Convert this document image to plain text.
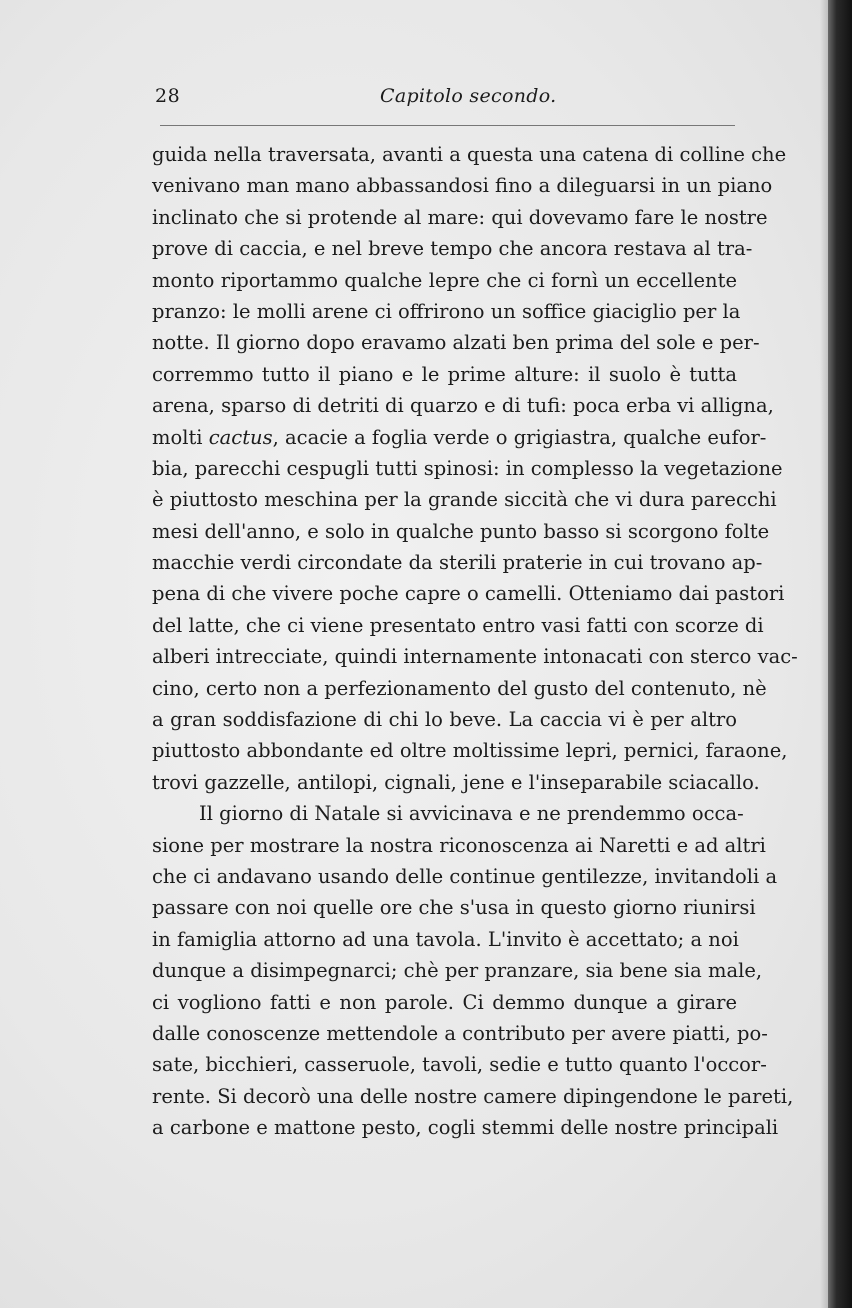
28	Capitolo secondo.
guida nella traversata, avanti a questa una catena di colline che
venivano man mano abbassandosi fino a dileguarsi in un piano
inclinato che si protende al mare: qui dovevamo fare le nostre
prove di caccia, e nel breve tempo che ancora restava al tra-
monto riportammo qualche lepre che ci fornì un eccellente
pranzo: le molli arene ci offrirono un soffice giaciglio per la
notte. Il giorno dopo eravamo alzati ben prima del sole e per-
corremmo tutto il piano e le prime alture: il suolo è tutta
arena, sparso di detriti di quarzo e di tufi: poca erba vi alligna,
molti cactus, acacie a foglia verde o grigiastra, qualche eufor-
bia, parecchi cespugli tutti spinosi: in complesso la vegetazione
è piuttosto meschina per la grande siccità che vi dura parecchi
mesi dell'anno, e solo in qualche punto basso si scorgono folte
macchie verdi circondate da sterili praterie in cui trovano ap-
pena di che vivere poche capre o camelli. Otteniamo dai pastori
del latte, che ci viene presentato entro vasi fatti con scorze di
alberi intrecciate, quindi internamente intonacati con sterco vac-
cino, certo non a perfezionamento del gusto del contenuto, nè
a gran soddisfazione di chi lo beve. La caccia vi è per altro
piuttosto abbondante ed oltre moltissime lepri, pernici, faraone,
trovi gazzelle, antilopi, cignali, jene e l'inseparabile sciacallo.
Il giorno di Natale si avvicinava e ne prendemmo occa-
sione per mostrare la nostra riconoscenza ai Naretti e ad altri
che ci andavano usando delle continue gentilezze, invitandoli a
passare con noi quelle ore che s'usa in questo giorno riunirsi
in famiglia attorno ad una tavola. L'invito è accettato; a noi
dunque a disimpegnarci; chè per pranzare, sia bene sia male,
ci vogliono fatti e non parole. Ci demmo dunque a girare
dalle conoscenze mettendole a contributo per avere piatti, po-
sate, bicchieri, casseruole, tavoli, sedie e tutto quanto l'occor-
rente. Si decorò una delle nostre camere dipingendone le pareti,
a carbone e mattone pesto, cogli stemmi delle nostre principali
